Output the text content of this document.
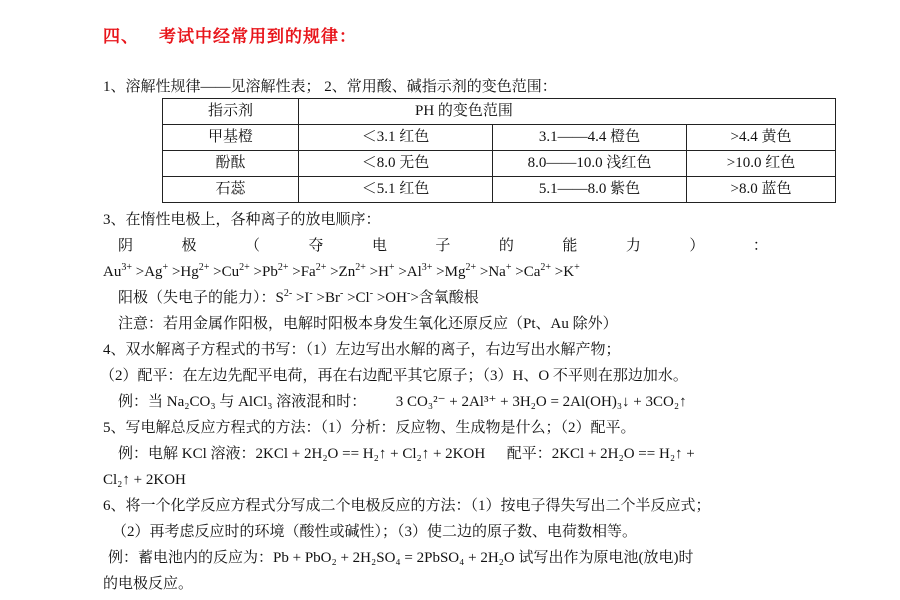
四、 考试中经常用到的规律：
1、溶解性规律——见溶解性表； 2、常用酸、碱指示剂的变色范围：
指示剂	PH 的变色范围		
甲基橙	＜3.1 红色	3.1——4.4 橙色	>4.4 黄色
酚酞	＜8.0 无色	8.0——10.0 浅红色	>10.0 红色
石蕊	＜5.1 红色	5.1——8.0 紫色	>8.0 蓝色
3、在惰性电极上，各种离子的放电顺序：
阴	极	（	夺	电	子	的	能	力	）	：
$Au^{3+} >Ag^+ >Hg^{2+} >Cu^{2+} >Pb^{2+} >Fa^{2+} >Zn^{2+} >H^+ >Al^{3+} >Mg^{2+} >Na^+ >Ca^{2+} >K^+$
阳极（失电子的能力）：$S^{2-} >I^- >Br^- >Cl^- >OH^->$含氧酸根
注意：若用金属作阳极，电解时阳极本身发生氧化还原反应（Pt、Au 除外）
4、双水解离子方程式的书写：（1）左边写出水解的离子，右边写出水解产物；
（2）配平：在左边先配平电荷，再在右边配平其它原子；（3）H、O 不平则在那边加水。
例：当 Na₂CO₃ 与 AlCl₃ 溶液混和时： 3 CO₃²⁻ + 2Al³⁺ + 3H₂O = 2Al(OH)₃↓ + 3CO₂↑
5、写电解总反应方程式的方法：（1）分析：反应物、生成物是什么；（2）配平。
例：电解 KCl 溶液：2KCl + 2H₂O == H₂↑ + Cl₂↑ + 2KOH 配平：2KCl + 2H₂O == H₂↑ +
Cl₂↑ + 2KOH
6、将一个化学反应方程式分写成二个电极反应的方法：（1）按电子得失写出二个半反应式；
（2）再考虑反应时的环境（酸性或碱性）；（3）使二边的原子数、电荷数相等。
例：蓄电池内的反应为：Pb + PbO₂ + 2H₂SO₄ = 2PbSO₄ + 2H₂O 试写出作为原电池(放电)时
的电极反应。
